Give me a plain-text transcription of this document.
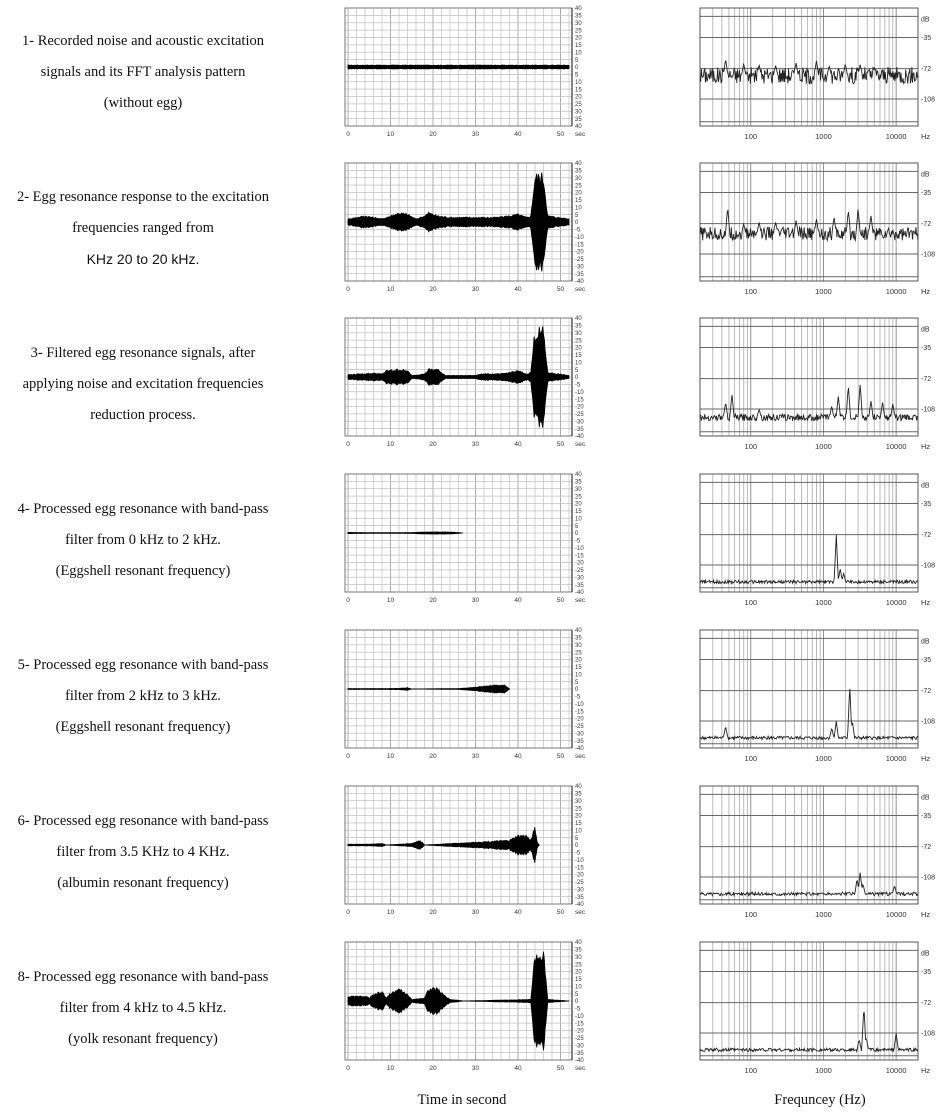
1- Recorded noise and acoustic excitation
signals and its FFT analysis pattern
(without egg)
2- Egg resonance response to the excitation
frequencies ranged from
KHz 20 to 20 kHz.
3- Filtered egg resonance signals, after
applying noise and excitation frequencies
reduction process.
4- Processed egg resonance with band-pass
filter from 0 kHz to 2 kHz.
(Eggshell resonant frequency)
5- Processed egg resonance with band-pass
filter from 2 kHz to 3 kHz.
(Eggshell resonant frequency)
6- Processed egg resonance with band-pass
filter from 3.5 KHz to 4 KHz.
(albumin resonant frequency)
8- Processed egg resonance with band-pass
filter from 4 kHz to 4.5 kHz.
(yolk resonant frequency)
40
35
30
25
20
15
10
5
0
5
10
15
20
25
30
35
40
0	10	20	30	40	50 sec
40
35
30
25
20
15
10
5
0
-5
-10
-15
-20
-25
-30
-35
-40
0	10	20	30	40	50 sec
40
35
30
25
20
15
10
5
0
-5
-10
-15
-20
-25
-30
-35
-40
0	10	20	30	40	50 sec
40
35
30
25
20
15
10
5
0
-5
-10
-15
-20
-25
-30
-35
-40
0	10	20	30	40	50 sec
40
35
30
25
20
15
10
5
0
-5
-10
-15
-20
-25
-30
-35
-40
0	10	20	30	40	50 sec
40
35
30
25
20
15
10
5
0
-5
-10
-15
-20
-25
-30
-35
-40
0	10	20	30	40	50 sec
40
35
30
25
20
15
10
5
0
-5
-10
-15
-20
-25
-30
-35
-40
0	10	20	30	40	50 sec
dB
-35
-72
-108
100	1000	10000 Hz
dB
-35
-72
-108
100	1000	10000 Hz
dB
-35
-72
-108
100	1000	10000 Hz
dB
-35
-72
-108
100	1000	10000 Hz
dB
-35
-72
-108
100	1000	10000 Hz
dB
-35
-72
-108
100	1000	10000 Hz
dB
-35
-72
-108
100	1000	10000 Hz
Time in second	Frequncey (Hz)
